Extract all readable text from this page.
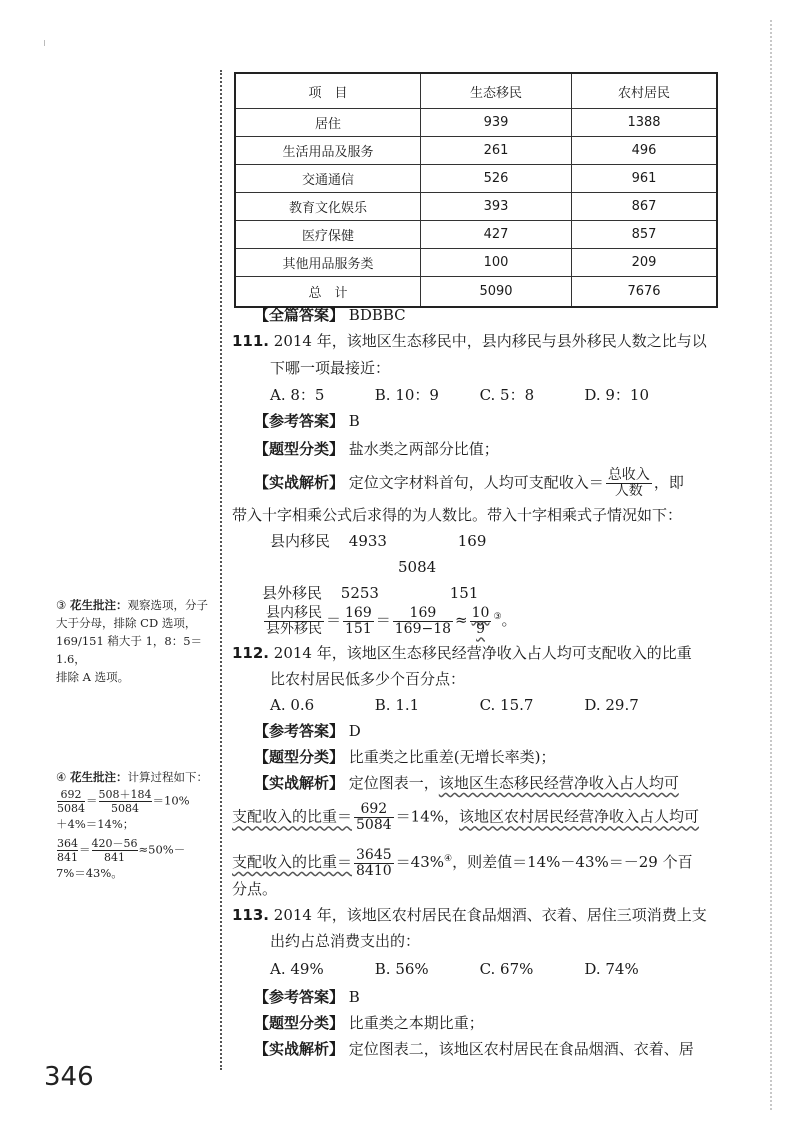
项　目	生态移民	农村居民
居住	939	1388
生活用品及服务	261	496
交通通信	526	961
教育文化娱乐	393	867
医疗保健	427	857
其他用品服务类	100	209
总　计	5090	7676
【全篇答案】 BDBBC
111. 2014 年，该地区生态移民中，县内移民与县外移民人数之比与以
下哪一项最接近：
A. 8：5	B. 10：9	C. 5：8	D. 9：10
【参考答案】 B
【题型分类】 盐水类之两部分比值；
【实战解析】 定位文字材料首句，人均可支配收入＝ $\frac{\text{总收入}}{\text{人数}}$ ，即
带入十字相乘公式后求得的为人数比。带入十字相乘式子情况如下：
县内移民 4933	169
5084
县外移民 5253	151
$\frac{\text{县内移民}}{\text{县外移民}} = \frac{169}{151} = \frac{169}{169-18} \approx \frac{10}{9} ^③$。
112. 2014 年，该地区生态移民经营净收入占人均可支配收入的比重
比农村居民低多少个百分点：
A. 0.6	B. 1.1	C. 15.7	D. 29.7
【参考答案】 D
【题型分类】 比重类之比重差(无增长率类)；
【实战解析】 定位图表一，该地区生态移民经营净收入占人均可
支配收入的比重＝ $\frac{692}{5084} =14\%$，该地区农村居民经营净收入占人均可
支配收入的比重＝ $\frac{3645}{8410} =43\%^④$，则差值＝14%－43%＝－29 个百
分点。
113. 2014 年，该地区农村居民在食品烟酒、衣着、居住三项消费上支
出约占总消费支出的：
A. 49%	B. 56%	C. 67%	D. 74%
【参考答案】 B
【题型分类】 比重类之本期比重；
【实战解析】 定位图表二，该地区农村居民在食品烟酒、衣着、居
③ 花生批注：观察选项，分子
大于分母，排除 CD 选项，
169/151 稍大于 1，8：5＝1.6，
排除 A 选项。
④ 花生批注：计算过程如下：
$\frac{692}{5084}= \frac{508+184}{5084}=10\%$
＋4%＝14%；
$\frac{364}{841}= \frac{420-56}{841}\approx 50\%-$
7%＝43%。
346
